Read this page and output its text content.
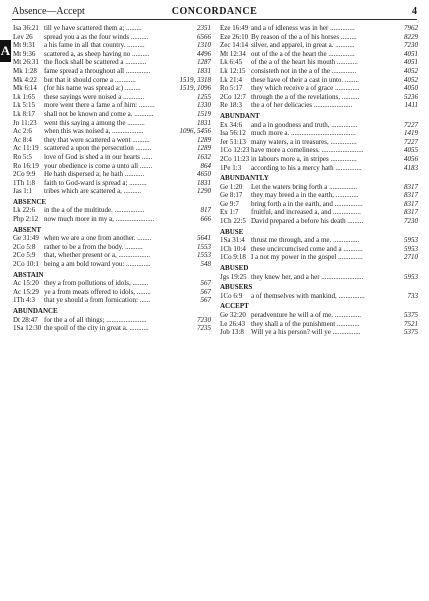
Absence—Accept	CONCORDANCE	4
A
Isa 36:21 till ye have scattered them a; .........	2351
Lev 26	spread you a as the four winds ..........	6566
Mt 9:31	a his fame in all that country. ..........	1310
Mt 9:36	scattered a, as sheep having no ..........	4496
Mt 26:31 the flock shall be scattered a ............	1287
Mk 1:28	fame spread a throughout all ..............	1831
Mk 4:22	but that it should come a ............	1519, 3318
Mk 6:14	(for his name was spread a:) .........	1519, 1096
Lk 1:65	these sayings were noised a ............	1255
Lk 5:15	more went there a fame a of him: .........	1330
Lk 8:17	shall not be known and come a. ...........	1519
Jn 11:23	went this saying a among the ..........	1831
Ac 2:6	when this was noised a, ..................	1096, 5456
Ac 8:4	they that were scattered a went ..........	1289
Ac 11:19 scattered a upon the persecution .........	1289
Ro 5:5	love of God is shed a in our hearts ......	1632
Ro 16:19 your obedience is come a unto all .......	864
2Co 9:9	He hath dispersed a; he hath ...........	4650
1Th 1:8	faith to God-ward is spread a; ..........	1831
Jas 1:1	tribes which are scattered a, ..........	1290
ABSENCE
Lk 22:6	in the a of the multitude. .................	817
Php 2:12 now much more in my a, ......................	666
ABSENT
Ge 31:49 when we are a one from another. ........	5641
2Co 5:8	rather to be a from the body. ..........	1553
2Co 5:9	that, whether present or a, ..................	1553
2Co 10:1 being a am bold toward you: ..............	548
ABSTAIN
Ac 15:20 they a from pollutions of idols, .........	567
Ac 15:29 ye a from meats offered to idols, ........	567
1Th 4:3	that ye should a from fornication: ......	567
ABUNDANCE
Dt 28:47 for the a of all things; .......................	7230
1Sa 12:30 the spoil of the city in great a. ...........	7235
Eze 16:49 and a of idleness was in her ..............	7962
Eze 26:10 By reason of the a of his horses .........	8229
Zec 14:14 silver, and apparel, in great a. ...........	7230
Mt 12:34 out of the a of the heart the ...............	4051
Lk 6:45	of the a of the heart his mouth ............	4051
Lk 12:15 consisteth not in the a of the ..............	4052
Lk 21:4	these have of their a cast in unto. ........	4052
Ro 5:17	they which receive a of grace ..............	4050
2Co 12:7 through the a of the revelations, ..........	5236
Re 18:3	the a of her delicacies ......................	1411
ABUNDANT
Ex 34:6	and a in goodness and truth, ...............	7227
Isa 56:12 much more a. .....................................	1419
Jer 51:13 many waters, a in treasures, ...............	7227
1Co 12:23 have more a comeliness. ........................	4055
2Co 11:23 in labours more a, in stripes ...............	4056
1Pe 1:3	according to his a mercy hath ...............	4183
ABUNDANTLY
Ge 1:20	Let the waters bring forth a ................	8317
Ge 8:17	they may breed a in the earth, .............	8317
Ge 9:7	bring forth a in the earth, and ................	8317
Ex 1:7	fruitful, and increased a, and ................	8317
1Ch 22:5 David prepared a before his death .........	7230
ABUSE
1Sa 31:4 thrust me through, and a me. ...............	5953
1Ch 10:4 these uncircumcised come and a ...........	5953
1Co 9:18 I a not my power in the gospel ..............	2710
ABUSED
Jgs 19:25 they knew her, and a her ........................	5953
ABUSERS
1Co 6:9	a of themselves with mankind, ...............	733
ACCEPT
Ge 32:20 peradventure he will a of me. ...............	5375
Le 26:43 they shall a of the punishment .............	7521
Job 13:8	Will ye a his person? will ye ................	5375
